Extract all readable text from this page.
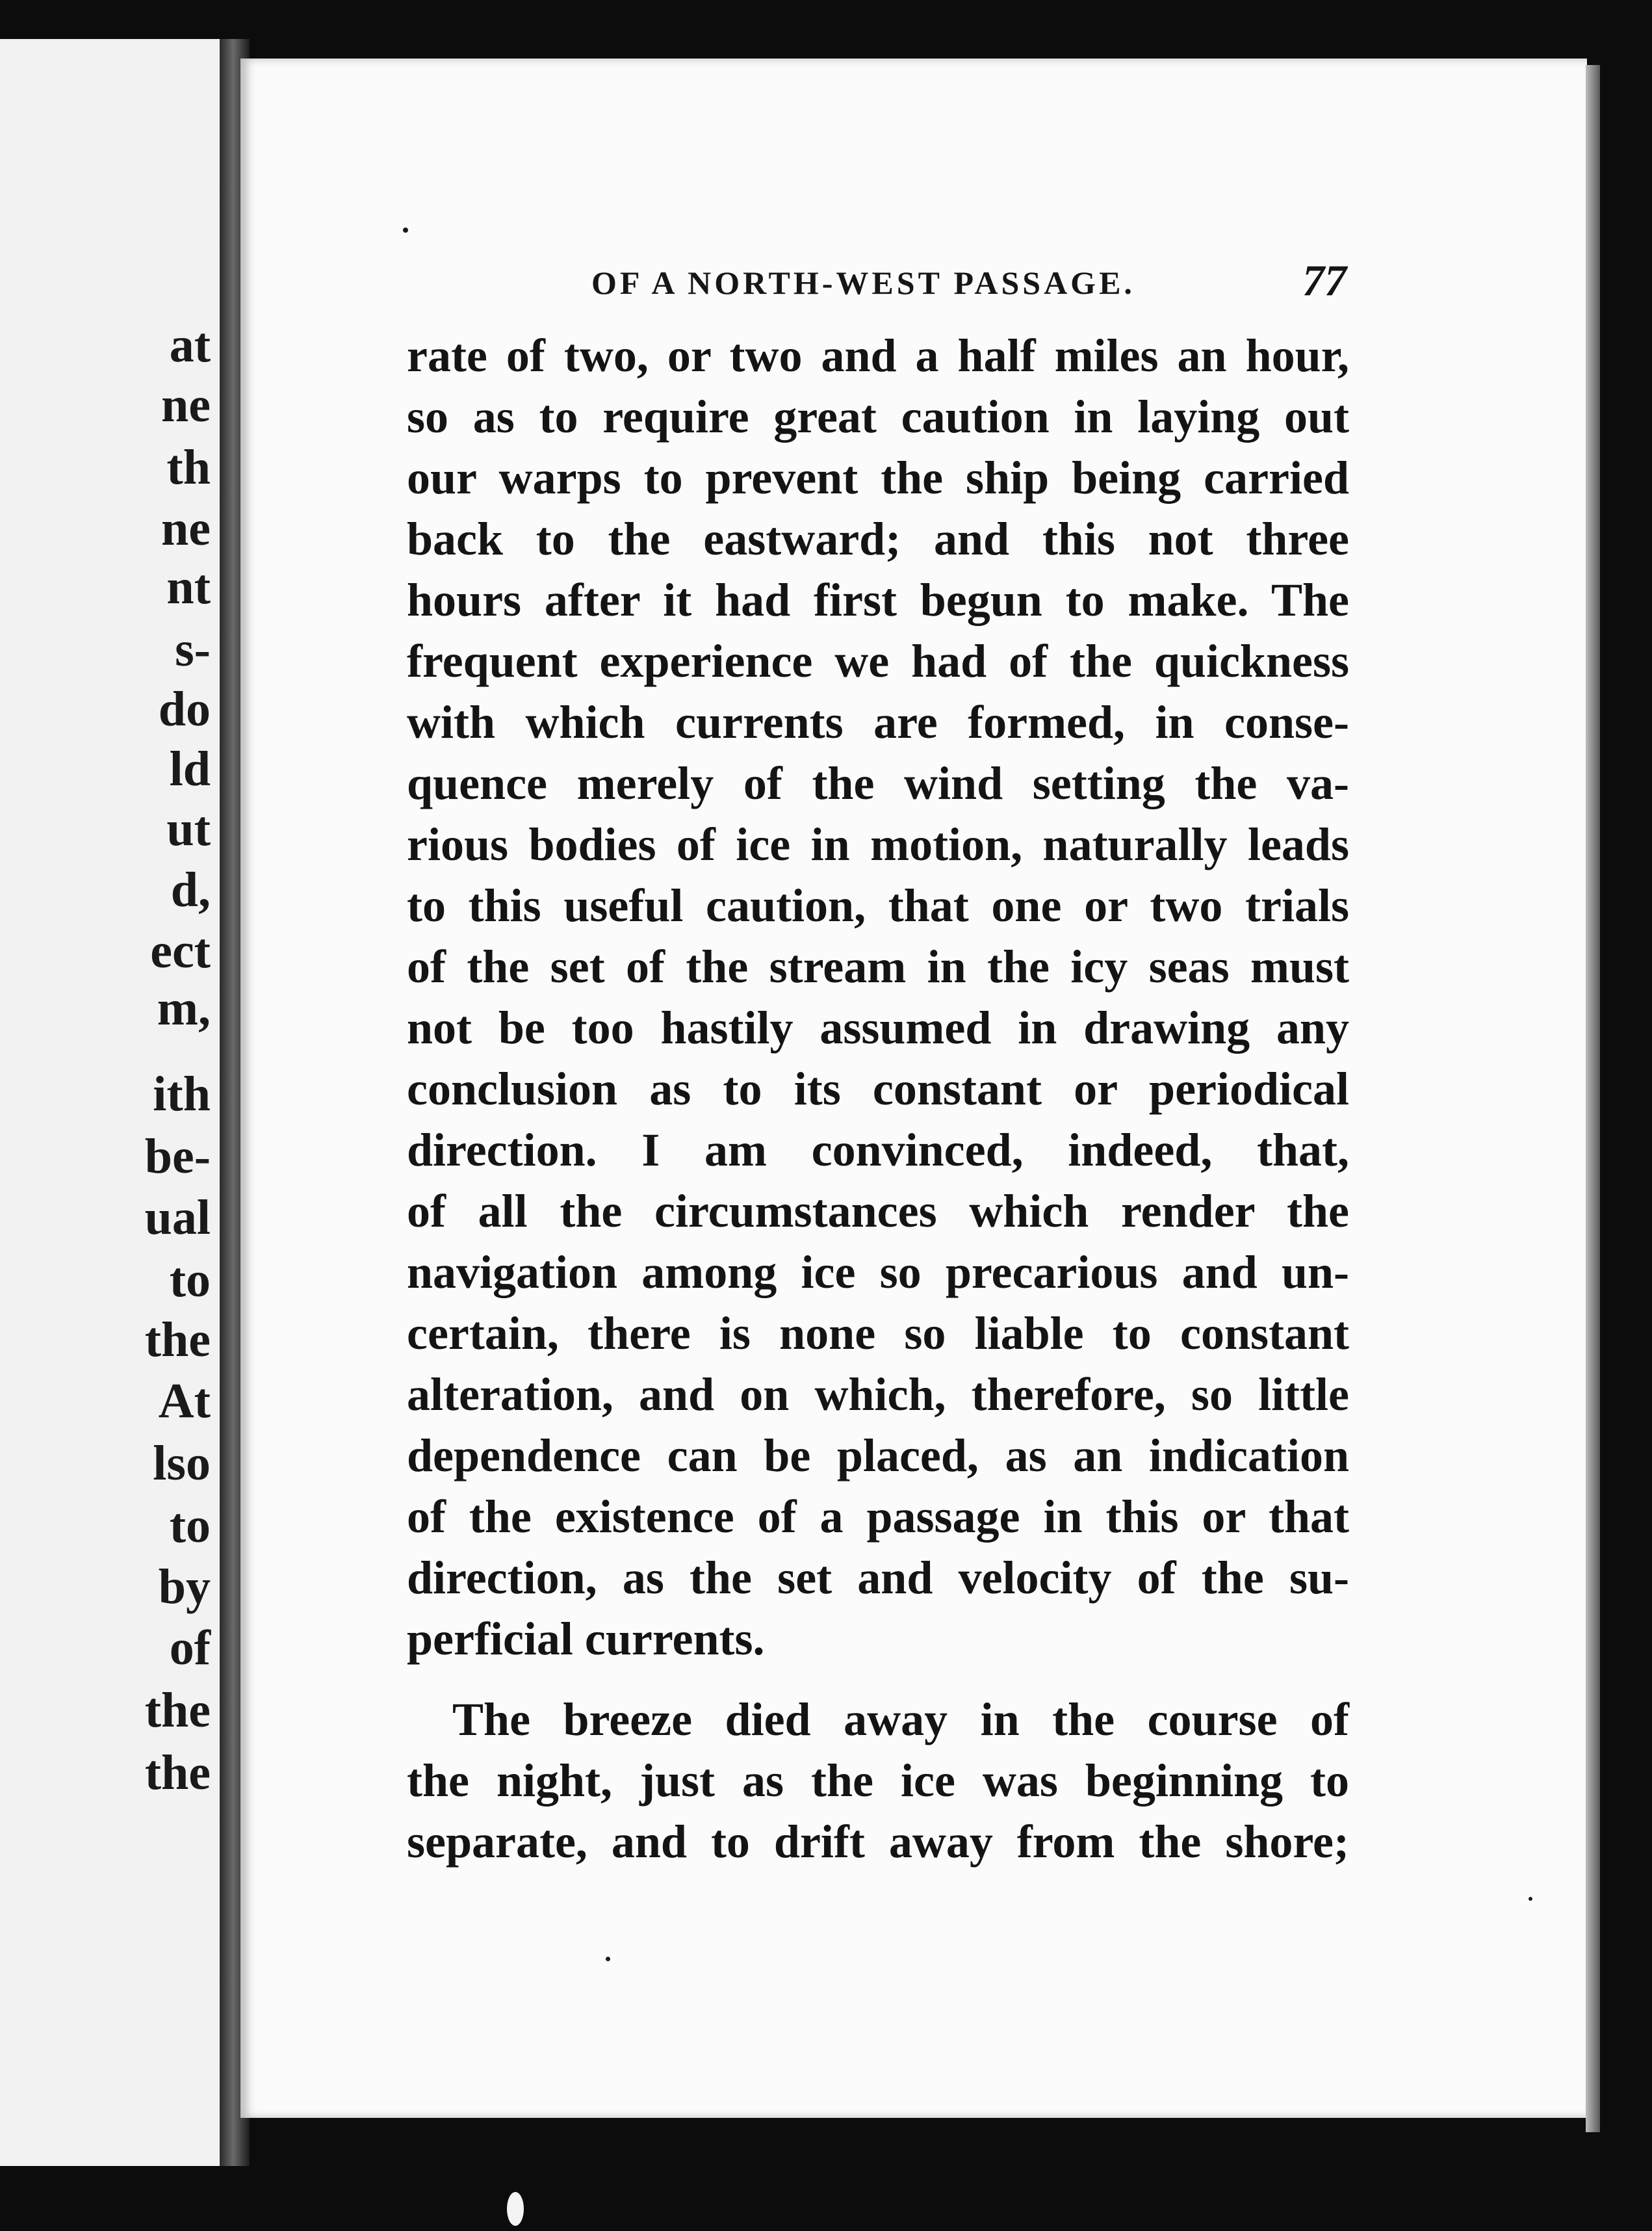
at
ne
th
ne
nt
s-
do
ld
ut
d,
ect
m,
ith
be-
ual
to
the
At
lso
to
by
of
the
the
OF A NORTH-WEST PASSAGE.	77
rate of two, or two and a half miles an hour,
so as to require great caution in laying out
our warps to prevent the ship being carried
back to the eastward; and this not three
hours after it had first begun to make. The
frequent experience we had of the quickness
with which currents are formed, in conse-
quence merely of the wind setting the va-
rious bodies of ice in motion, naturally leads
to this useful caution, that one or two trials
of the set of the stream in the icy seas must
not be too hastily assumed in drawing any
conclusion as to its constant or periodical
direction. I am convinced, indeed, that,
of all the circumstances which render the
navigation among ice so precarious and un-
certain, there is none so liable to constant
alteration, and on which, therefore, so little
dependence can be placed, as an indication
of the existence of a passage in this or that
direction, as the set and velocity of the su-
perficial currents.
The breeze died away in the course of
the night, just as the ice was beginning to
separate, and to drift away from the shore;
